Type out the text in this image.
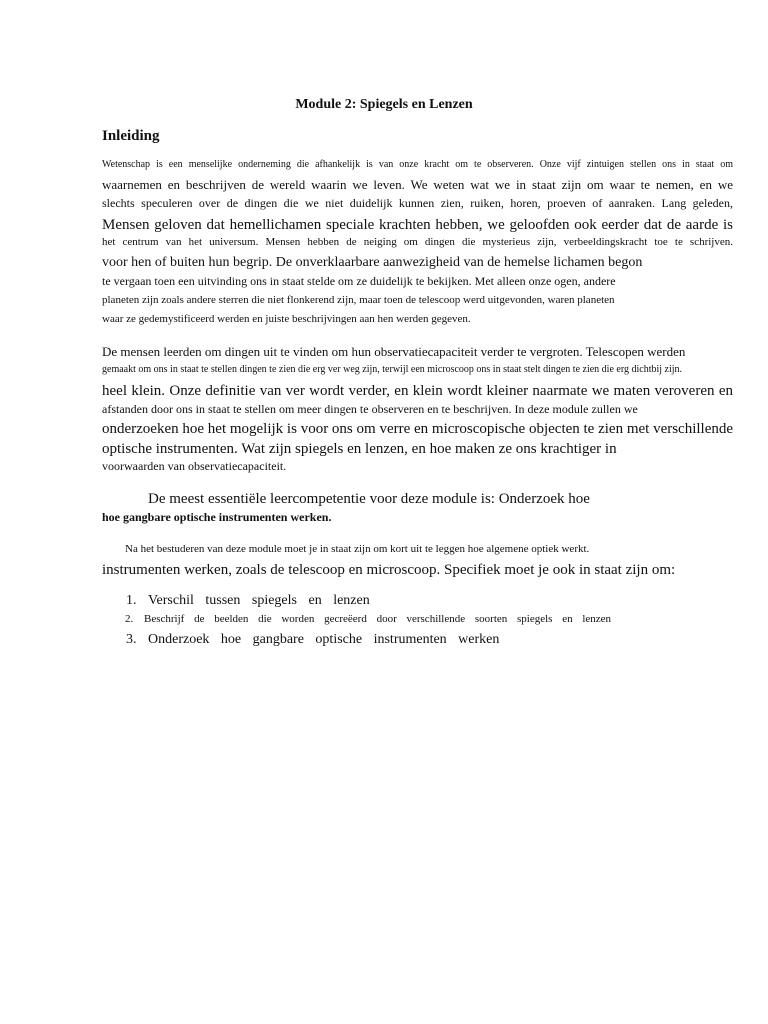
Module 2: Spiegels en Lenzen
Inleiding
Wetenschap is een menselijke onderneming die afhankelijk is van onze kracht om te observeren. Onze vijf zintuigen stellen ons in staat om
waarnemen en beschrijven de wereld waarin we leven. We weten wat we in staat zijn om waar te nemen, en we
slechts speculeren over de dingen die we niet duidelijk kunnen zien, ruiken, horen, proeven of aanraken. Lang geleden,
Mensen geloven dat hemellichamen speciale krachten hebben, we geloofden ook eerder dat de aarde is
het centrum van het universum. Mensen hebben de neiging om dingen die mysterieus zijn, verbeeldingskracht toe te schrijven.
voor hen of buiten hun begrip. De onverklaarbare aanwezigheid van de hemelse lichamen begon
te vergaan toen een uitvinding ons in staat stelde om ze duidelijk te bekijken. Met alleen onze ogen, andere
planeten zijn zoals andere sterren die niet flonkerend zijn, maar toen de telescoop werd uitgevonden, waren planeten
waar ze gedemystificeerd werden en juiste beschrijvingen aan hen werden gegeven.
De mensen leerden om dingen uit te vinden om hun observatiecapaciteit verder te vergroten. Telescopen werden
gemaakt om ons in staat te stellen dingen te zien die erg ver weg zijn, terwijl een microscoop ons in staat stelt dingen te zien die erg dichtbij zijn.
heel klein. Onze definitie van ver wordt verder, en klein wordt kleiner naarmate we maten veroveren en
afstanden door ons in staat te stellen om meer dingen te observeren en te beschrijven. In deze module zullen we
onderzoeken hoe het mogelijk is voor ons om verre en microscopische objecten te zien met verschillende
optische instrumenten. Wat zijn spiegels en lenzen, en hoe maken ze ons krachtiger in
voorwaarden van observatiecapaciteit.
De meest essentiële leercompetentie voor deze module is: Onderzoek hoe
hoe gangbare optische instrumenten werken.
Na het bestuderen van deze module moet je in staat zijn om kort uit te leggen hoe algemene optiek werkt.
instrumenten werken, zoals de telescoop en microscoop. Specifiek moet je ook in staat zijn om:
1. Verschil tussen spiegels en lenzen
2. Beschrijf de beelden die worden gecreëerd door verschillende soorten spiegels en lenzen
3. Onderzoek hoe gangbare optische instrumenten werken
